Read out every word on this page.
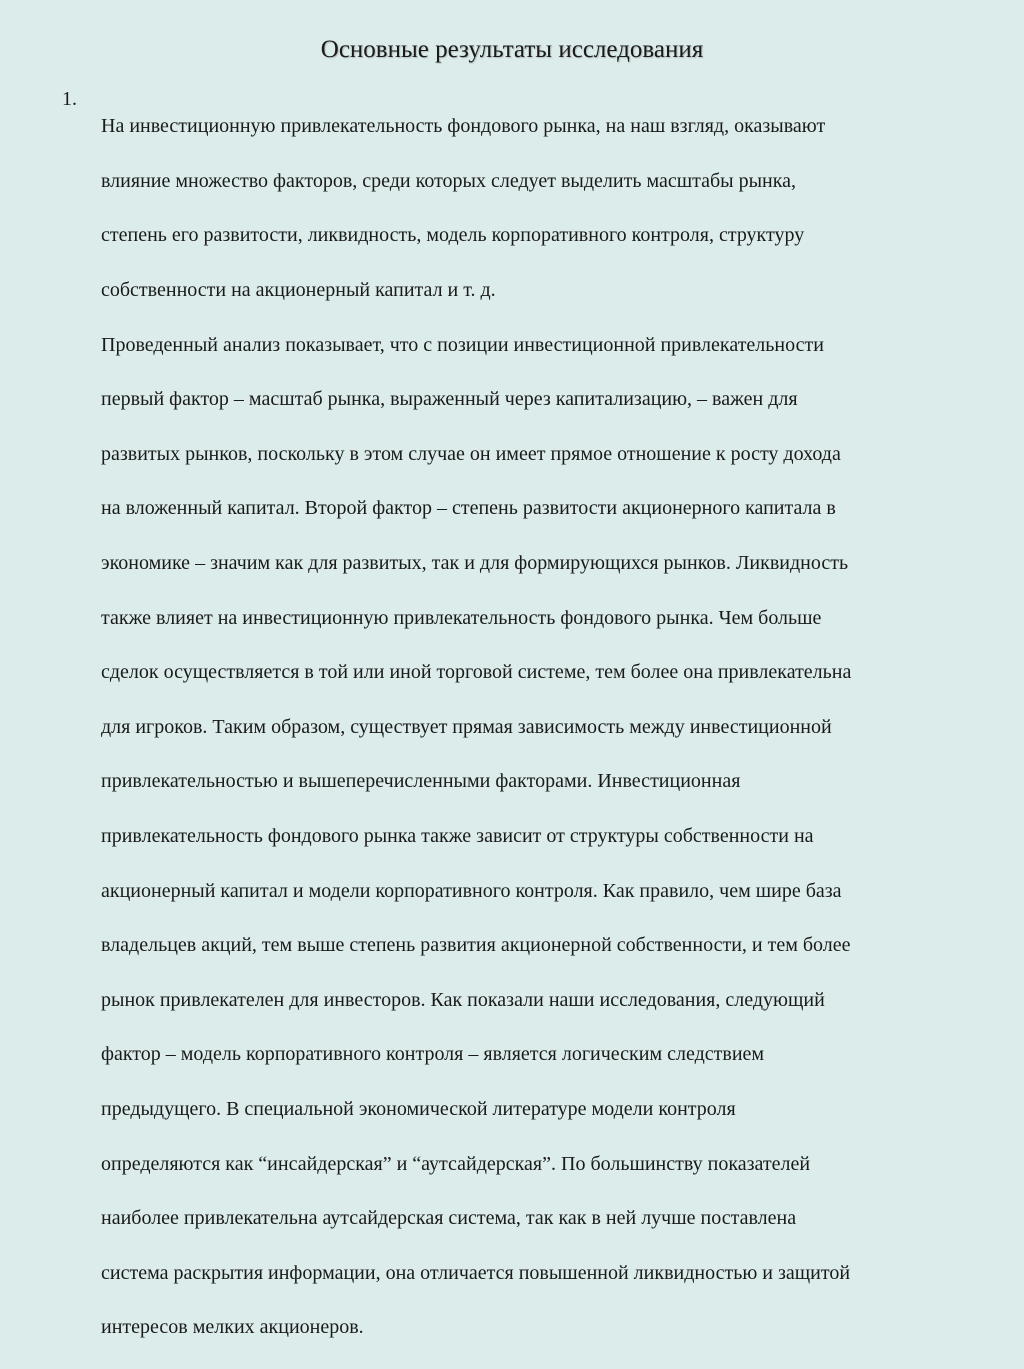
Основные результаты исследования
1.

На инвестиционную привлекательность фондового рынка, на наш взгляд, оказывают

влияние множество факторов, среди которых следует выделить масштабы рынка,

степень его развитости, ликвидность, модель корпоративного контроля, структуру

собственности на акционерный капитал и т. д.

Проведенный анализ показывает, что с позиции инвестиционной привлекательности

первый фактор – масштаб рынка, выраженный через капитализацию, – важен для

развитых рынков, поскольку в этом случае он имеет прямое отношение к росту дохода

на вложенный капитал. Второй фактор – степень развитости акционерного капитала в

экономике – значим как для развитых, так и для формирующихся рынков. Ликвидность

также влияет на инвестиционную привлекательность фондового рынка. Чем больше

сделок осуществляется в той или иной торговой системе, тем более она привлекательна

для игроков. Таким образом, существует прямая зависимость между инвестиционной

привлекательностью и вышеперечисленными факторами. Инвестиционная

привлекательность фондового рынка также зависит от структуры собственности на

акционерный капитал и модели корпоративного контроля. Как правило, чем шире база

владельцев акций, тем выше степень развития акционерной собственности, и тем более

рынок привлекателен для инвесторов. Как показали наши исследования, следующий

фактор – модель корпоративного контроля – является логическим следствием

предыдущего. В специальной экономической литературе модели контроля

определяются как “инсайдерская” и “аутсайдерская”. По большинству показателей

наиболее привлекательна аутсайдерская система, так как в ней лучше поставлена

система раскрытия информации, она отличается повышенной ликвидностью и защитой

интересов мелких акционеров.
